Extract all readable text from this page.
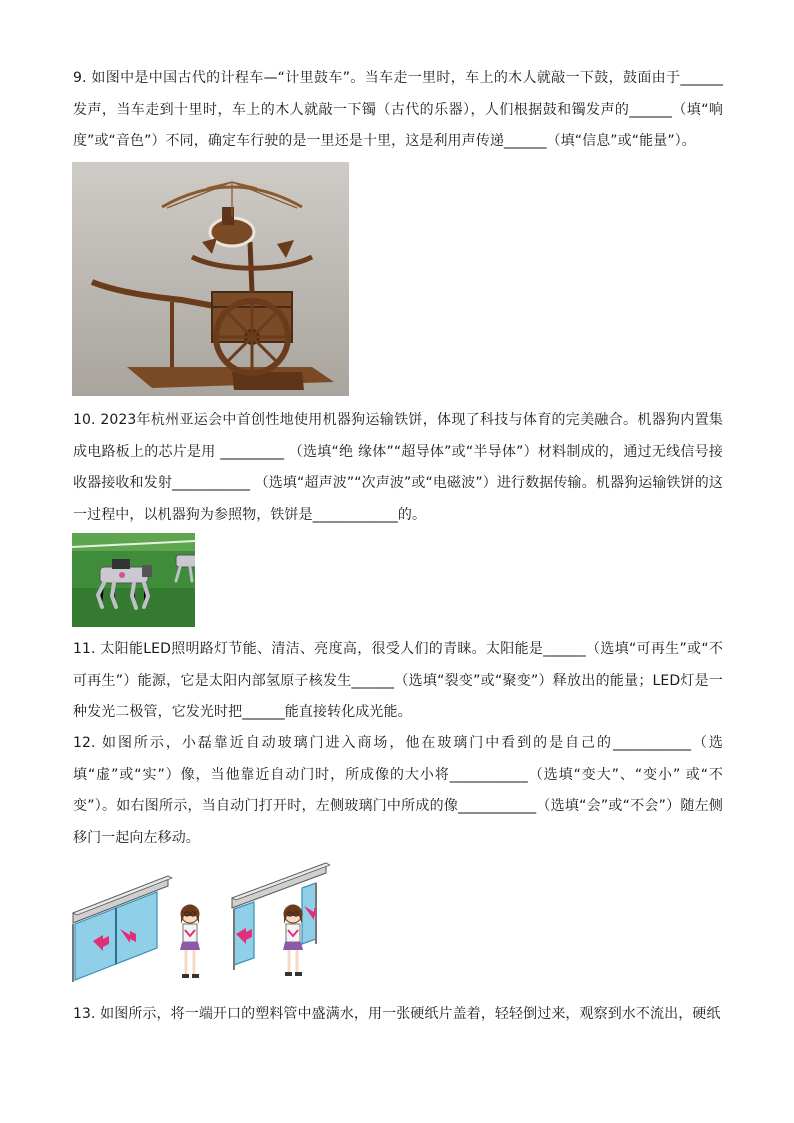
9. 如图中是中国古代的计程车—“计里鼓车”。当车走一里时，车上的木人就敲一下鼓，鼓面由于______发声，当车走到十里时，车上的木人就敲一下镯（古代的乐器），人们根据鼓和镯发声的______（填“响度”或“音色”）不同，确定车行驶的是一里还是十里，这是利用声传递______（填“信息”或“能量”）。
10. 2023年杭州亚运会中首创性地使用机器狗运输铁饼，体现了科技与体育的完美融合。机器狗内置集成电路板上的芯片是用 _________ （选填“绝 缘体”“超导体”或“半导体”）材料制成的，通过无线信号接收器接收和发射___________ （选填“超声波”“次声波”或“电磁波”）进行数据传输。机器狗运输铁饼的这一过程中，以机器狗为参照物，铁饼是____________的。
11. 太阳能LED照明路灯节能、清洁、亮度高，很受人们的青睐。太阳能是______（选填“可再生”或“不可再生”）能源，它是太阳内部氢原子核发生______（选填“裂变”或“聚变”）释放出的能量；LED灯是一种发光二极管，它发光时把______能直接转化成光能。
12. 如图所示，小磊靠近自动玻璃门进入商场，他在玻璃门中看到的是自己的___________（选填“虚”或“实”）像，当他靠近自动门时，所成像的大小将___________（选填“变大”、“变小” 或“不变”）。如右图所示，当自动门打开时，左侧玻璃门中所成的像___________（选填“会”或“不会”）随左侧移门一起向左移动。
13. 如图所示，将一端开口的塑料管中盛满水，用一张硬纸片盖着，轻轻倒过来，观察到水不流出，硬纸
